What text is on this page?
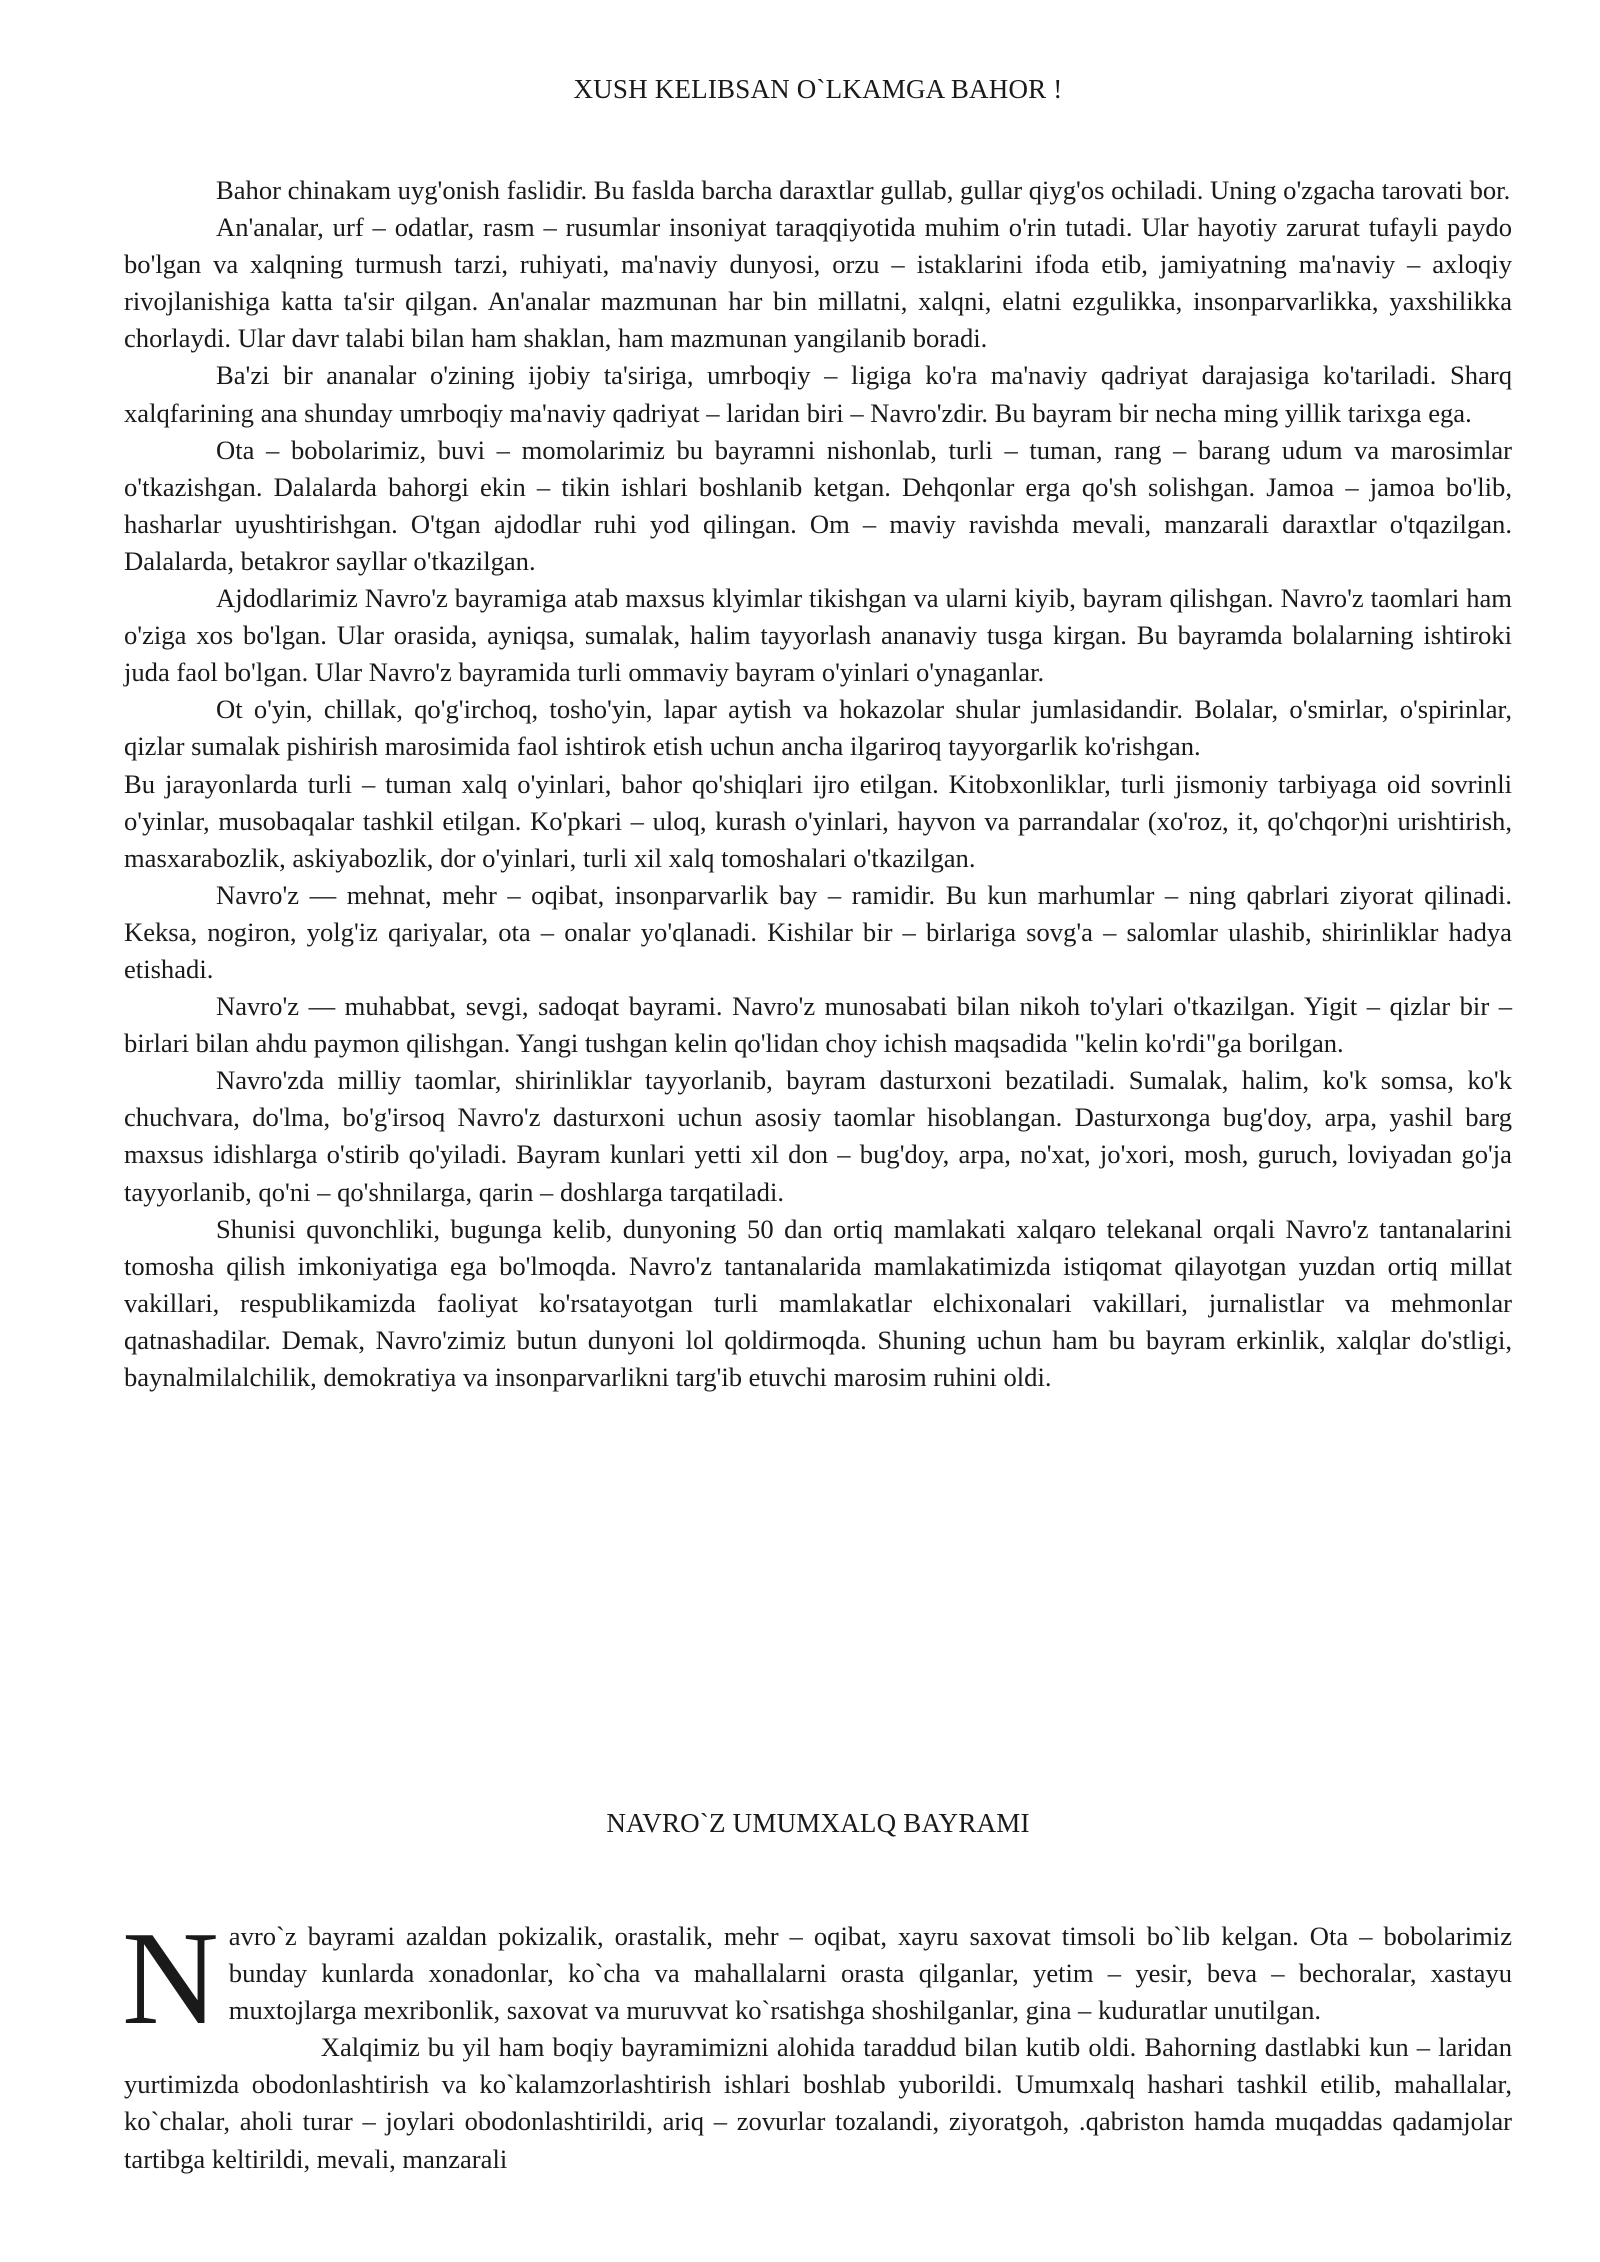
XUSH KELIBSAN O`LKAMGA BAHOR !

Bahor chinakam uyg'onish faslidir. Bu faslda barcha daraxtlar gullab, gullar qiyg'os ochiladi. Uning o'zgacha tarovati bor.

An'analar, urf – odatlar, rasm – rusumlar insoniyat taraqqiyotida muhim o'rin tutadi. Ular hayotiy zarurat tufayli paydo bo'lgan va xalqning turmush tarzi, ruhiyati, ma'naviy dunyosi, orzu – istaklarini ifoda etib, jamiyatning ma'naviy – axloqiy rivojlanishiga katta ta'sir qilgan. An'analar mazmunan har bin millatni, xalqni, elatni ezgulikka, insonparvarlikka, yaxshilikka chorlaydi. Ular davr talabi bilan ham shaklan, ham mazmunan yangilanib boradi.

Ba'zi bir ananalar o'zining ijobiy ta'siriga, umrboqiy – ligiga ko'ra ma'naviy qadriyat darajasiga ko'tariladi. Sharq xalqfarining ana shunday umrboqiy ma'naviy qadriyat – laridan biri – Navro'zdir. Bu bayram bir necha ming yillik tarixga ega.

Ota – bobolarimiz, buvi – momolarimiz bu bayramni nishonlab, turli – tuman, rang – barang udum va marosimlar o'tkazishgan. Dalalarda bahorgi ekin – tikin ishlari boshlanib ketgan. Dehqonlar erga qo'sh solishgan. Jamoa – jamoa bo'lib, hasharlar uyushtirishgan. O'tgan ajdodlar ruhi yod qilingan. Om – maviy ravishda mevali, manzarali daraxtlar o'tqazilgan. Dalalarda, betakror sayllar o'tkazilgan.

Ajdodlarimiz Navro'z bayramiga atab maxsus klyimlar tikishgan va ularni kiyib, bayram qilishgan. Navro'z taomlari ham o'ziga xos bo'lgan. Ular orasida, ayniqsa, sumalak, halim tayyorlash ananaviy tusga kirgan. Bu bayramda bolalarning ishtiroki juda faol bo'lgan. Ular Navro'z bayramida turli ommaviy bayram o'yinlari o'ynaganlar.

Ot o'yin, chillak, qo'g'irchoq, tosho'yin, lapar aytish va hokazolar shular jumlasidandir. Bolalar, o'smirlar, o'spirinlar, qizlar sumalak pishirish marosimida faol ishtirok etish uchun ancha ilgariroq tayyorgarlik ko'rishgan.

Bu jarayonlarda turli – tuman xalq o'yinlari, bahor qo'shiqlari ijro etilgan. Kitobxonliklar, turli jismoniy tarbiyaga oid sovrinli o'yinlar, musobaqalar tashkil etilgan. Ko'pkari – uloq, kurash o'yinlari, hayvon va parrandalar (xo'roz, it, qo'chqor)ni urishtirish, masxarabozlik, askiyabozlik, dor o'yinlari, turli xil xalq tomoshalari o'tkazilgan.

Navro'z — mehnat, mehr – oqibat, insonparvarlik bay – ramidir. Bu kun marhumlar – ning qabrlari ziyorat qilinadi. Keksa, nogiron, yolg'iz qariyalar, ota – onalar yo'qlanadi. Kishilar bir – birlariga sovg'a – salomlar ulashib, shirinliklar hadya etishadi.

Navro'z — muhabbat, sevgi, sadoqat bayrami. Navro'z munosabati bilan nikoh to'ylari o'tkazilgan. Yigit – qizlar bir – birlari bilan ahdu paymon qilishgan. Yangi tushgan kelin qo'lidan choy ichish maqsadida "kelin ko'rdi"ga borilgan.

Navro'zda milliy taomlar, shirinliklar tayyorlanib, bayram dasturxoni bezatiladi. Sumalak, halim, ko'k somsa, ko'k chuchvara, do'lma, bo'g'irsoq Navro'z dasturxoni uchun asosiy taomlar hisoblangan. Dasturxonga bug'doy, arpa, yashil barg maxsus idishlarga o'stirib qo'yiladi. Bayram kunlari yetti xil don – bug'doy, arpa, no'xat, jo'xori, mosh, guruch, loviyadan go'ja tayyorlanib, qo'ni – qo'shnilarga, qarin – doshlarga tarqatiladi.

Shunisi quvonchliki, bugunga kelib, dunyoning 50 dan ortiq mamlakati xalqaro telekanal orqali Navro'z tantanalarini tomosha qilish imkoniyatiga ega bo'lmoqda. Navro'z tantanalarida mamlakatimizda istiqomat qilayotgan yuzdan ortiq millat vakillari, respublikamizda faoliyat ko'rsatayotgan turli mamlakatlar elchixonalari vakillari, jurnalistlar va mehmonlar qatnashadilar. Demak, Navro'zimiz butun dunyoni lol qoldirmoqda. Shuning uchun ham bu bayram erkinlik, xalqlar do'stligi, baynalmilalchilik, demokratiya va insonparvarlikni targ'ib etuvchi marosim ruhini oldi.

NAVRO`Z UMUMXALQ BAYRAMI

Navro`z bayrami azaldan pokizalik, orastalik, mehr – oqibat, xayru saxovat timsoli bo`lib kelgan. Ota – bobolarimiz bunday kunlarda xonadonlar, ko`cha va mahallalarni orasta qilganlar, yetim – yesir, beva – bechoralar, xastayu muxtojlarga mexribonlik, saxovat va muruvvat ko`rsatishga shoshilganlar, gina – kuduratlar unutilgan.

Xalqimiz bu yil ham boqiy bayramimizni alohida taraddud bilan kutib oldi. Bahorning dastlabki kun – laridan yurtimizda obodonlashtirish va ko`kalamzorlashtirish ishlari boshlab yuborildi. Umumxalq hashari tashkil etilib, mahallalar, ko`chalar, aholi turar – joylari obodonlashtirildi, ariq – zovurlar tozalandi, ziyoratgoh, .qabriston hamda muqaddas qadamjolar tartibga keltirildi, mevali, manzarali
